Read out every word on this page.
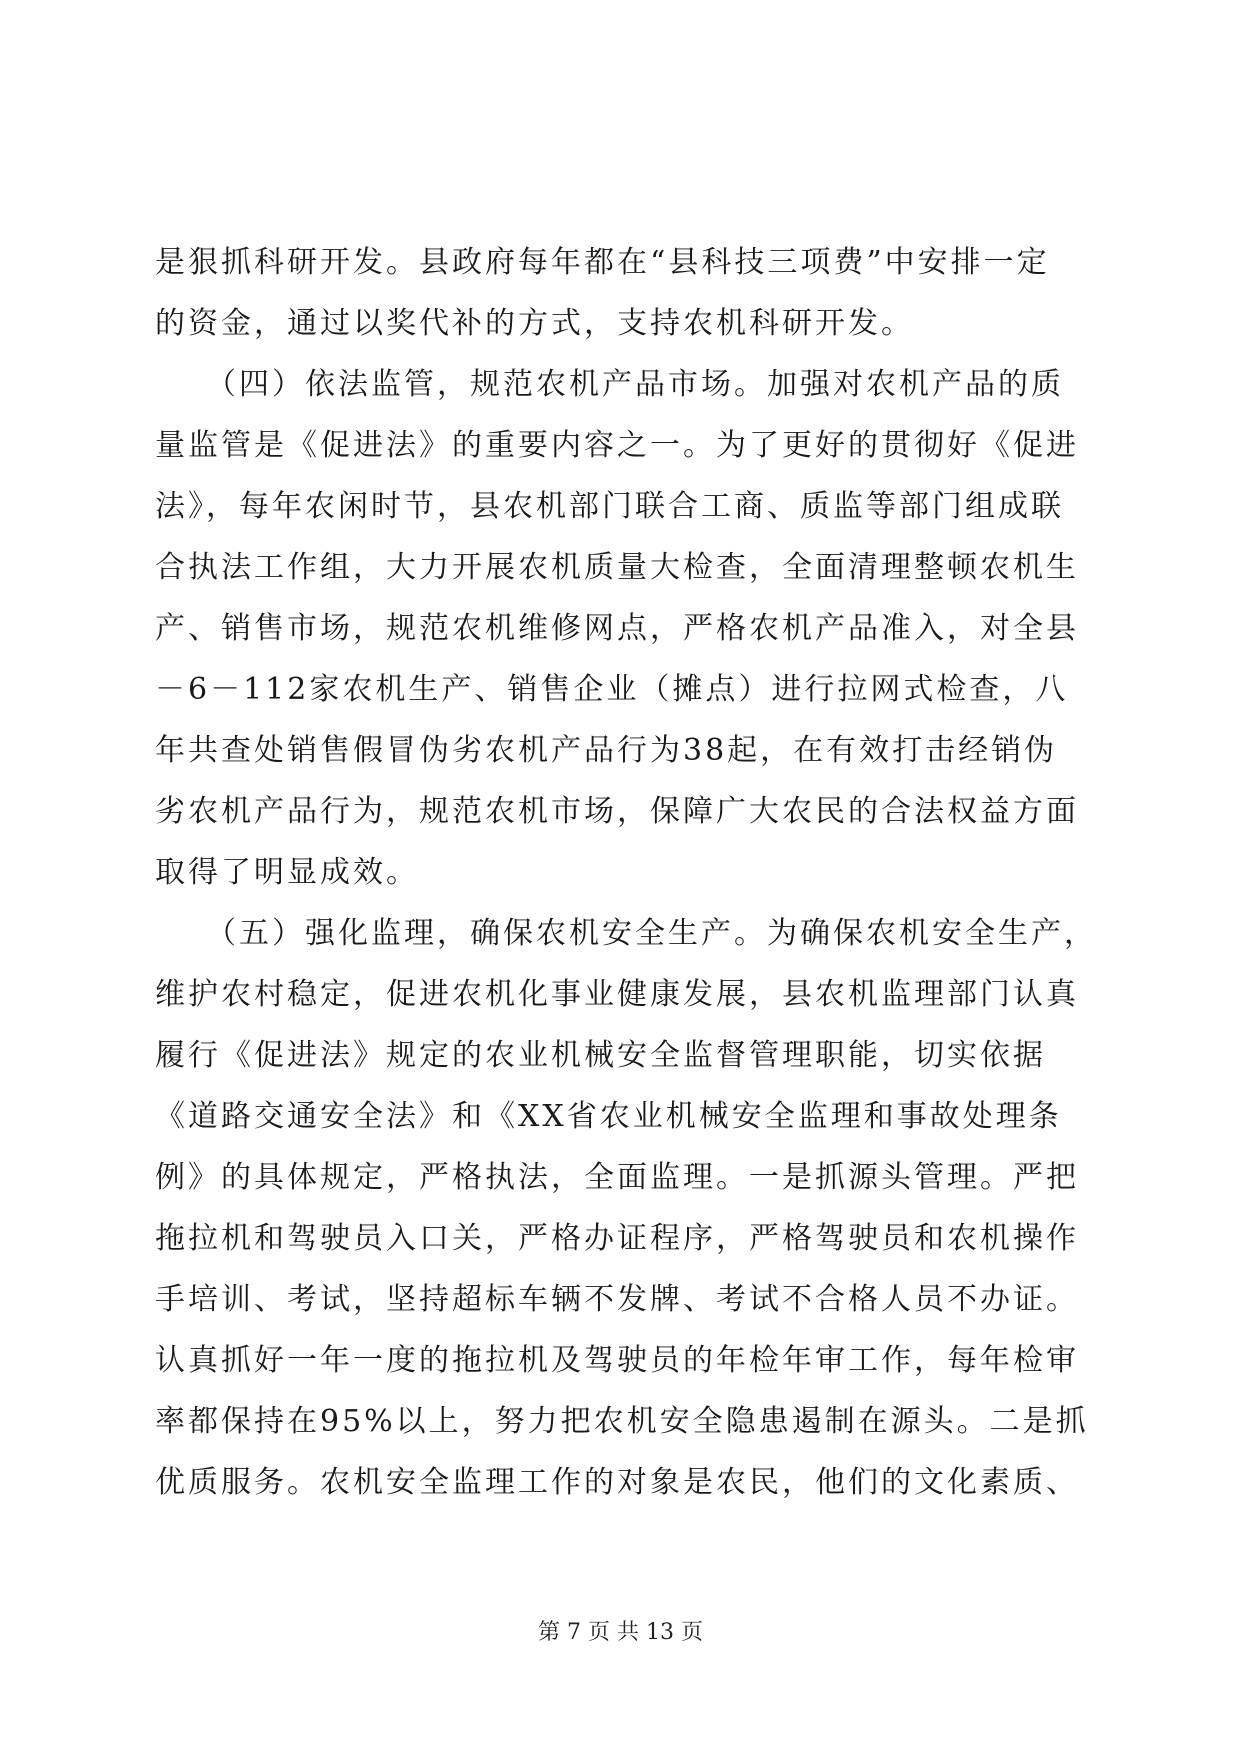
是狠抓科研开发。县政府每年都在“县科技三项费”中安排一定
的资金，通过以奖代补的方式，支持农机科研开发。
　　（四）依法监管，规范农机产品市场。加强对农机产品的质
量监管是《促进法》的重要内容之一。为了更好的贯彻好《促进
法》，每年农闲时节，县农机部门联合工商、质监等部门组成联
合执法工作组，大力开展农机质量大检查，全面清理整顿农机生
产、销售市场，规范农机维修网点，严格农机产品准入，对全县
－6－112家农机生产、销售企业（摊点）进行拉网式检查，八
年共查处销售假冒伪劣农机产品行为38起，在有效打击经销伪
劣农机产品行为，规范农机市场，保障广大农民的合法权益方面
取得了明显成效。
　　（五）强化监理，确保农机安全生产。为确保农机安全生产，
维护农村稳定，促进农机化事业健康发展，县农机监理部门认真
履行《促进法》规定的农业机械安全监督管理职能，切实依据
《道路交通安全法》和《XX省农业机械安全监理和事故处理条
例》的具体规定，严格执法，全面监理。一是抓源头管理。严把
拖拉机和驾驶员入口关，严格办证程序，严格驾驶员和农机操作
手培训、考试，坚持超标车辆不发牌、考试不合格人员不办证。
认真抓好一年一度的拖拉机及驾驶员的年检年审工作，每年检审
率都保持在95%以上，努力把农机安全隐患遏制在源头。二是抓
优质服务。农机安全监理工作的对象是农民，他们的文化素质、
第 7 页 共 13 页
